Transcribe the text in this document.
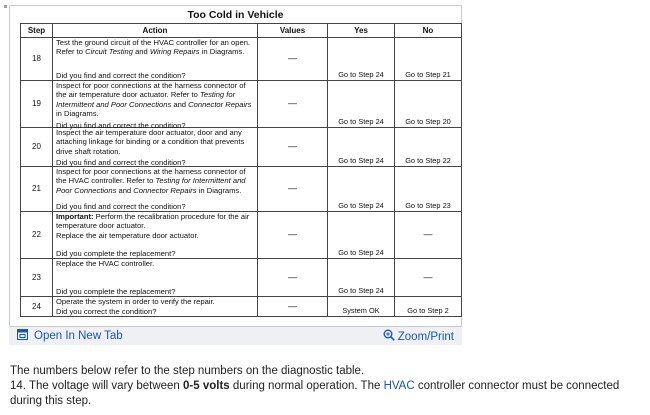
Too Cold in Vehicle
Step	Action	Values	Yes	No
18	Test the ground circuit of the HVAC controller for an open. Refer to Circuit Testing and Wiring Repairs in Diagrams.

Did you find and correct the condition?	—	Go to Step 24	Go to Step 21
19	Inspect for poor connections at the harness connector of the air temperature door actuator. Refer to Testing for Intermittent and Poor Connections and Connector Repairs in Diagrams.

Did you find and correct the condition?	—	Go to Step 24	Go to Step 20
20	Inspect the air temperature door actuator, door and any attaching linkage for binding or a condition that prevents drive shaft rotation.

Did you find and correct the condition?	—	Go to Step 24	Go to Step 22
21	Inspect for poor connections at the harness connector of the HVAC controller. Refer to Testing for Intermittent and Poor Connections and Connector Repairs in Diagrams.

Did you find and correct the condition?	—	Go to Step 24	Go to Step 23
22	Important: Perform the recalibration procedure for the air temperature door actuator.

Replace the air temperature door actuator.

Did you complete the replacement?	—	Go to Step 24	—
23	Replace the HVAC controller.

Did you complete the replacement?	—	Go to Step 24	—
24	Operate the system in order to verify the repair.

Did you correct the condition?	—	System OK	Go to Step 2
Open In New Tab	Zoom/Print

The numbers below refer to the step numbers on the diagnostic table.

14. The voltage will vary between 0-5 volts during normal operation. The HVAC controller connector must be connected during this step.
